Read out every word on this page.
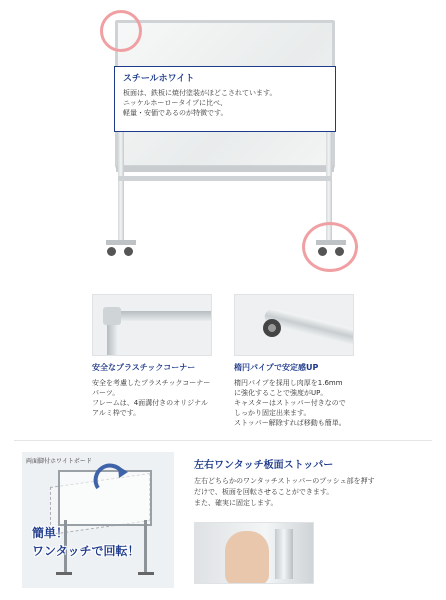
スチールホワイト

板面は、鉄板に焼付塗装がほどこされています。
ニッケルホーロータイプに比べ、
軽量・安価であるのが特徴です。

安全なプラスチックコーナー

安全を考慮したプラスチックコーナー
パーツ。
フレームは、4面溝付きのオリジナル
アルミ枠です。

楕円パイプで安定感UP

楕円パイプを採用し肉厚を1.6mm
に強化することで強度がUP。
キャスターはストッパー付きなので
しっかり固定出来ます。
ストッパー解除すれば移動も簡単。

両面脚付ホワイトボード
簡単！
ワンタッチで回転！

左右ワンタッチ板面ストッパー

左右どちらかのワンタッチストッパーのプッシュ部を押す
だけで、板面を回転させることができます。
また、確実に固定します。
